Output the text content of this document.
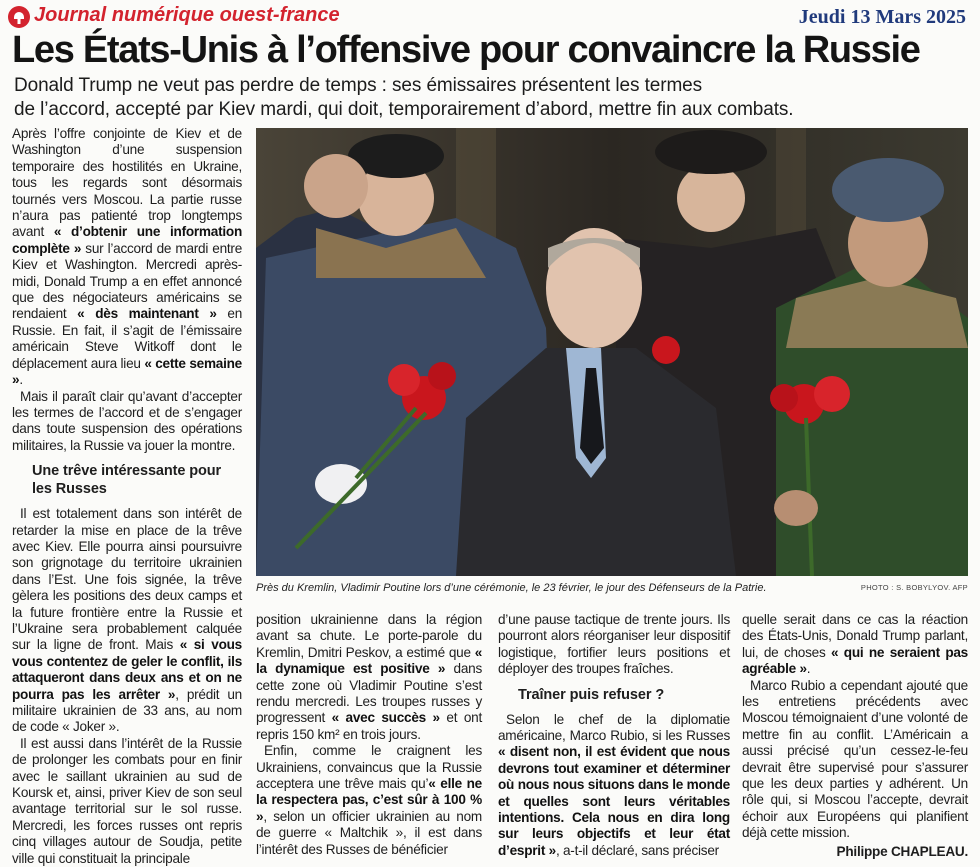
Journal numérique ouest-france	Jeudi 13 Mars 2025
Les États-Unis à l’offensive pour convaincre la Russie
Donald Trump ne veut pas perdre de temps : ses émissaires présentent les termes
de l’accord, accepté par Kiev mardi, qui doit, temporairement d’abord, mettre fin aux combats.

Après l’offre conjointe de Kiev et de Washington d’une suspension temporaire des hostilités en Ukraine, tous les regards sont désormais tournés vers Moscou. La partie russe n’aura pas patienté trop longtemps avant « d’obtenir une information complète » sur l’accord de mardi entre Kiev et Washington. Mercredi après-midi, Donald Trump a en effet annoncé que des négociateurs américains se rendaient « dès maintenant » en Russie. En fait, il s’agit de l’émissaire américain Steve Witkoff dont le déplacement aura lieu « cette semaine ».

Mais il paraît clair qu’avant d’accepter les termes de l’accord et de s’engager dans toute suspension des opérations militaires, la Russie va jouer la montre.

Une trêve intéressante pour les Russes

Il est totalement dans son intérêt de retarder la mise en place de la trêve avec Kiev. Elle pourra ainsi poursuivre son grignotage du territoire ukrainien dans l’Est. Une fois signée, la trêve gèlera les positions des deux camps et la future frontière entre la Russie et l’Ukraine sera probablement calquée sur la ligne de front. Mais « si vous vous contentez de geler le conflit, ils attaqueront dans deux ans et on ne pourra pas les arrêter », prédit un militaire ukrainien de 33 ans, au nom de code « Joker ».

Il est aussi dans l’intérêt de la Russie de prolonger les combats pour en finir avec le saillant ukrainien au sud de Koursk et, ainsi, priver Kiev de son seul avantage territorial sur le sol russe. Mercredi, les forces russes ont repris cinq villages autour de Soudja, petite ville qui constituait la principale

Près du Kremlin, Vladimir Poutine lors d’une cérémonie, le 23 février, le jour des Défenseurs de la Patrie.	PHOTO : S. BOBYLYOV. AFP

position ukrainienne dans la région avant sa chute. Le porte-parole du Kremlin, Dmitri Peskov, a estimé que « la dynamique est positive » dans cette zone où Vladimir Poutine s’est rendu mercredi. Les troupes russes y progressent « avec succès » et ont repris 150 km² en trois jours.

Enfin, comme le craignent les Ukrainiens, convaincus que la Russie acceptera une trêve mais qu’« elle ne la respectera pas, c’est sûr à 100 % », selon un officier ukrainien au nom de guerre « Maltchik », il est dans l’intérêt des Russes de bénéficier

d’une pause tactique de trente jours. Ils pourront alors réorganiser leur dispositif logistique, fortifier leurs positions et déployer des troupes fraîches.

Traîner puis refuser ?

Selon le chef de la diplomatie américaine, Marco Rubio, si les Russes « disent non, il est évident que nous devrons tout examiner et déterminer où nous nous situons dans le monde et quelles sont leurs véritables intentions. Cela nous en dira long sur leurs objectifs et leur état d’esprit », a-t-il déclaré, sans préciser

quelle serait dans ce cas la réaction des États-Unis, Donald Trump parlant, lui, de choses « qui ne seraient pas agréable ».

Marco Rubio a cependant ajouté que les entretiens précédents avec Moscou témoignaient d’une volonté de mettre fin au conflit. L’Américain a aussi précisé qu’un cessez-le-feu devrait être supervisé pour s’assurer que les deux parties y adhérent. Un rôle qui, si Moscou l’accepte, devrait échoir aux Européens qui planifient déjà cette mission.

Philippe CHAPLEAU.
